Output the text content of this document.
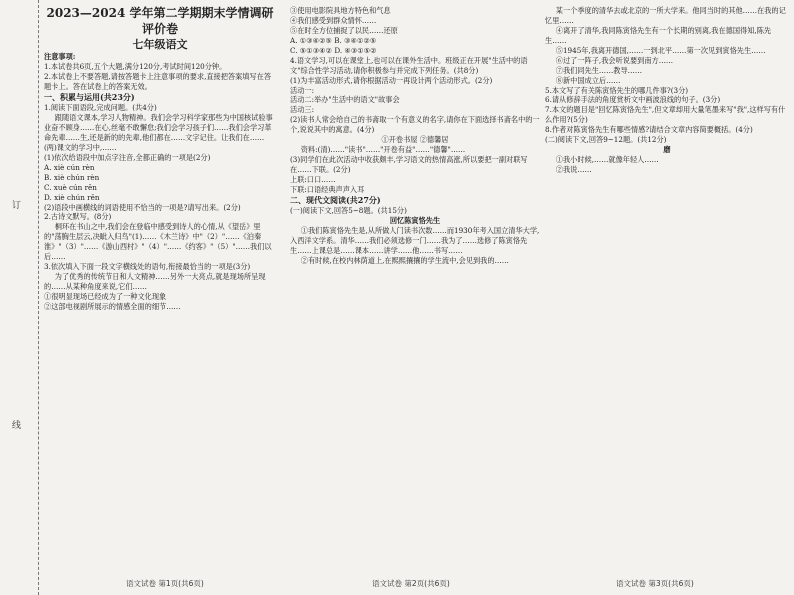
订
线

2023—2024 学年第二学期期末学情调研评价卷

七年级语文

注意事项:

1.本试卷共6页,五个大题,满分120分,考试时间120分钟。

2.本试卷上不要答题,请按答题卡上注意事项的要求,直接把答案填写在答题卡上。答在试卷上的答案无效。

一、积累与运用(共23分)

1.阅读下面语段,完成问题。(共4分)

跟随语文课本,学习人物精神。我们会学习科学家那些为中国核试验事业奋不顾身……在心,丝毫不敢懈怠;我们会学习孩子们……我们会学习革命先辈……生,还是新的的先辈,他们都在……文字记住。让我们在……(两)课文的学习中,……

(1)依次给语段中加点字注音,全都正确的一项是(2分)

A. xiè cún rèn

B. xiè chún rèn

C. xuè cún rěn

D. xiè chún rěn

(2)语段中画横线的词语使用不恰当的一项是?请写出来。(2分)

2.古诗文默写。(8分)

桐环在书山之中,我们会在登临中感受到诗人的心情,从《望岳》里的"荡胸生层云,决眦入归鸟"(1)……《木兰诗》中"（2）"……《泊秦淮》"（3）"……《游山西村》"（4）"……《约客》"（5）"……我们以后……

3.依次填入下面一段文字横线处的语句,衔接最恰当的一项是(3分)

为了优秀的传统节日和人文精神……另外一大亮点,就是现场所呈现的……从某种角度来说,它们……

①很明显现场已经成为了一种文化现象

②这部电视剧所展示的情感全面的细节……

语文试卷 第1页(共6页)

③使用电影院具地方特色和气息

④我们感受到群众情怀……

⑤在时全方位捕捉了以民……还原

A. ①③④②⑤ B. ③④①②⑤

C. ⑤①③④② D. ④③①⑤②

4.语文学习,可以在课堂上,也可以在课外生活中。班级正在开展"生活中的语文"综合性学习活动,请你积极参与并完成下列任务。(共8分)

(1)为丰富活动形式,请你根据活动一再设计两个活动形式。(2分)

活动一:

活动二:举办"生活中的语文"故事会

活动三:

(2)读书人常会给自己的书斋取一个有意义的名字,请你在下面选择书斋名中的一个,说说其中的寓意。(4分)

①开卷书屋 ②德馨居

资料:(清)……"读书"……"开卷有益"……"德馨"……

(3)同学们在此次活动中收获颇丰,学习语文的热情高涨,所以要把一副对联写在……下联。(2分)

上联:口口……

下联:口语经典声声入耳

二、现代文阅读(共27分)

(一)阅读下文,回答5~8题。(共15分)

回忆陈寅恪先生

①我们陈寅恪先生是,从所做人门读书次数……而1930年考入国立清华大学,入西洋文学系。清华……我们必须选修一门……我为了……选修了陈寅恪先生……上课总是……课本……讲学……他……书写……

②有时候,在校内林荫道上,在熙熙攘攘的学生流中,会见到我的……

语文试卷 第2页(共6页)

某一个季度的清华去或北京的一所大学来。他同当时的其他……在我的记忆里……

④离开了清华,我同陈寅恪先生有一个长期的别离,我在德国得知,陈先生……

⑤1945年,我离开德国,……一到北平……第一次见到寅恪先生……

⑥过了一阵子,我会听说要到南方……

⑦我们同先生……教导……

⑧新中国成立后……

5.本文写了有关陈寅恪先生的哪几件事?(3分)

6.请从修辞手法的角度赏析文中画波浪线的句子。(3分)

7.本文的题目是"回忆陈寅恪先生",但文章却用大量笔墨来写"我",这样写有什么作用?(5分)

8.作者对陈寅恪先生有哪些情感?请结合文章内容简要概括。(4分)

(二)阅读下文,回答9~12题。(共12分)

磨

①我小时候,……就像年轻人……

②我说……

语文试卷 第3页(共6页)
